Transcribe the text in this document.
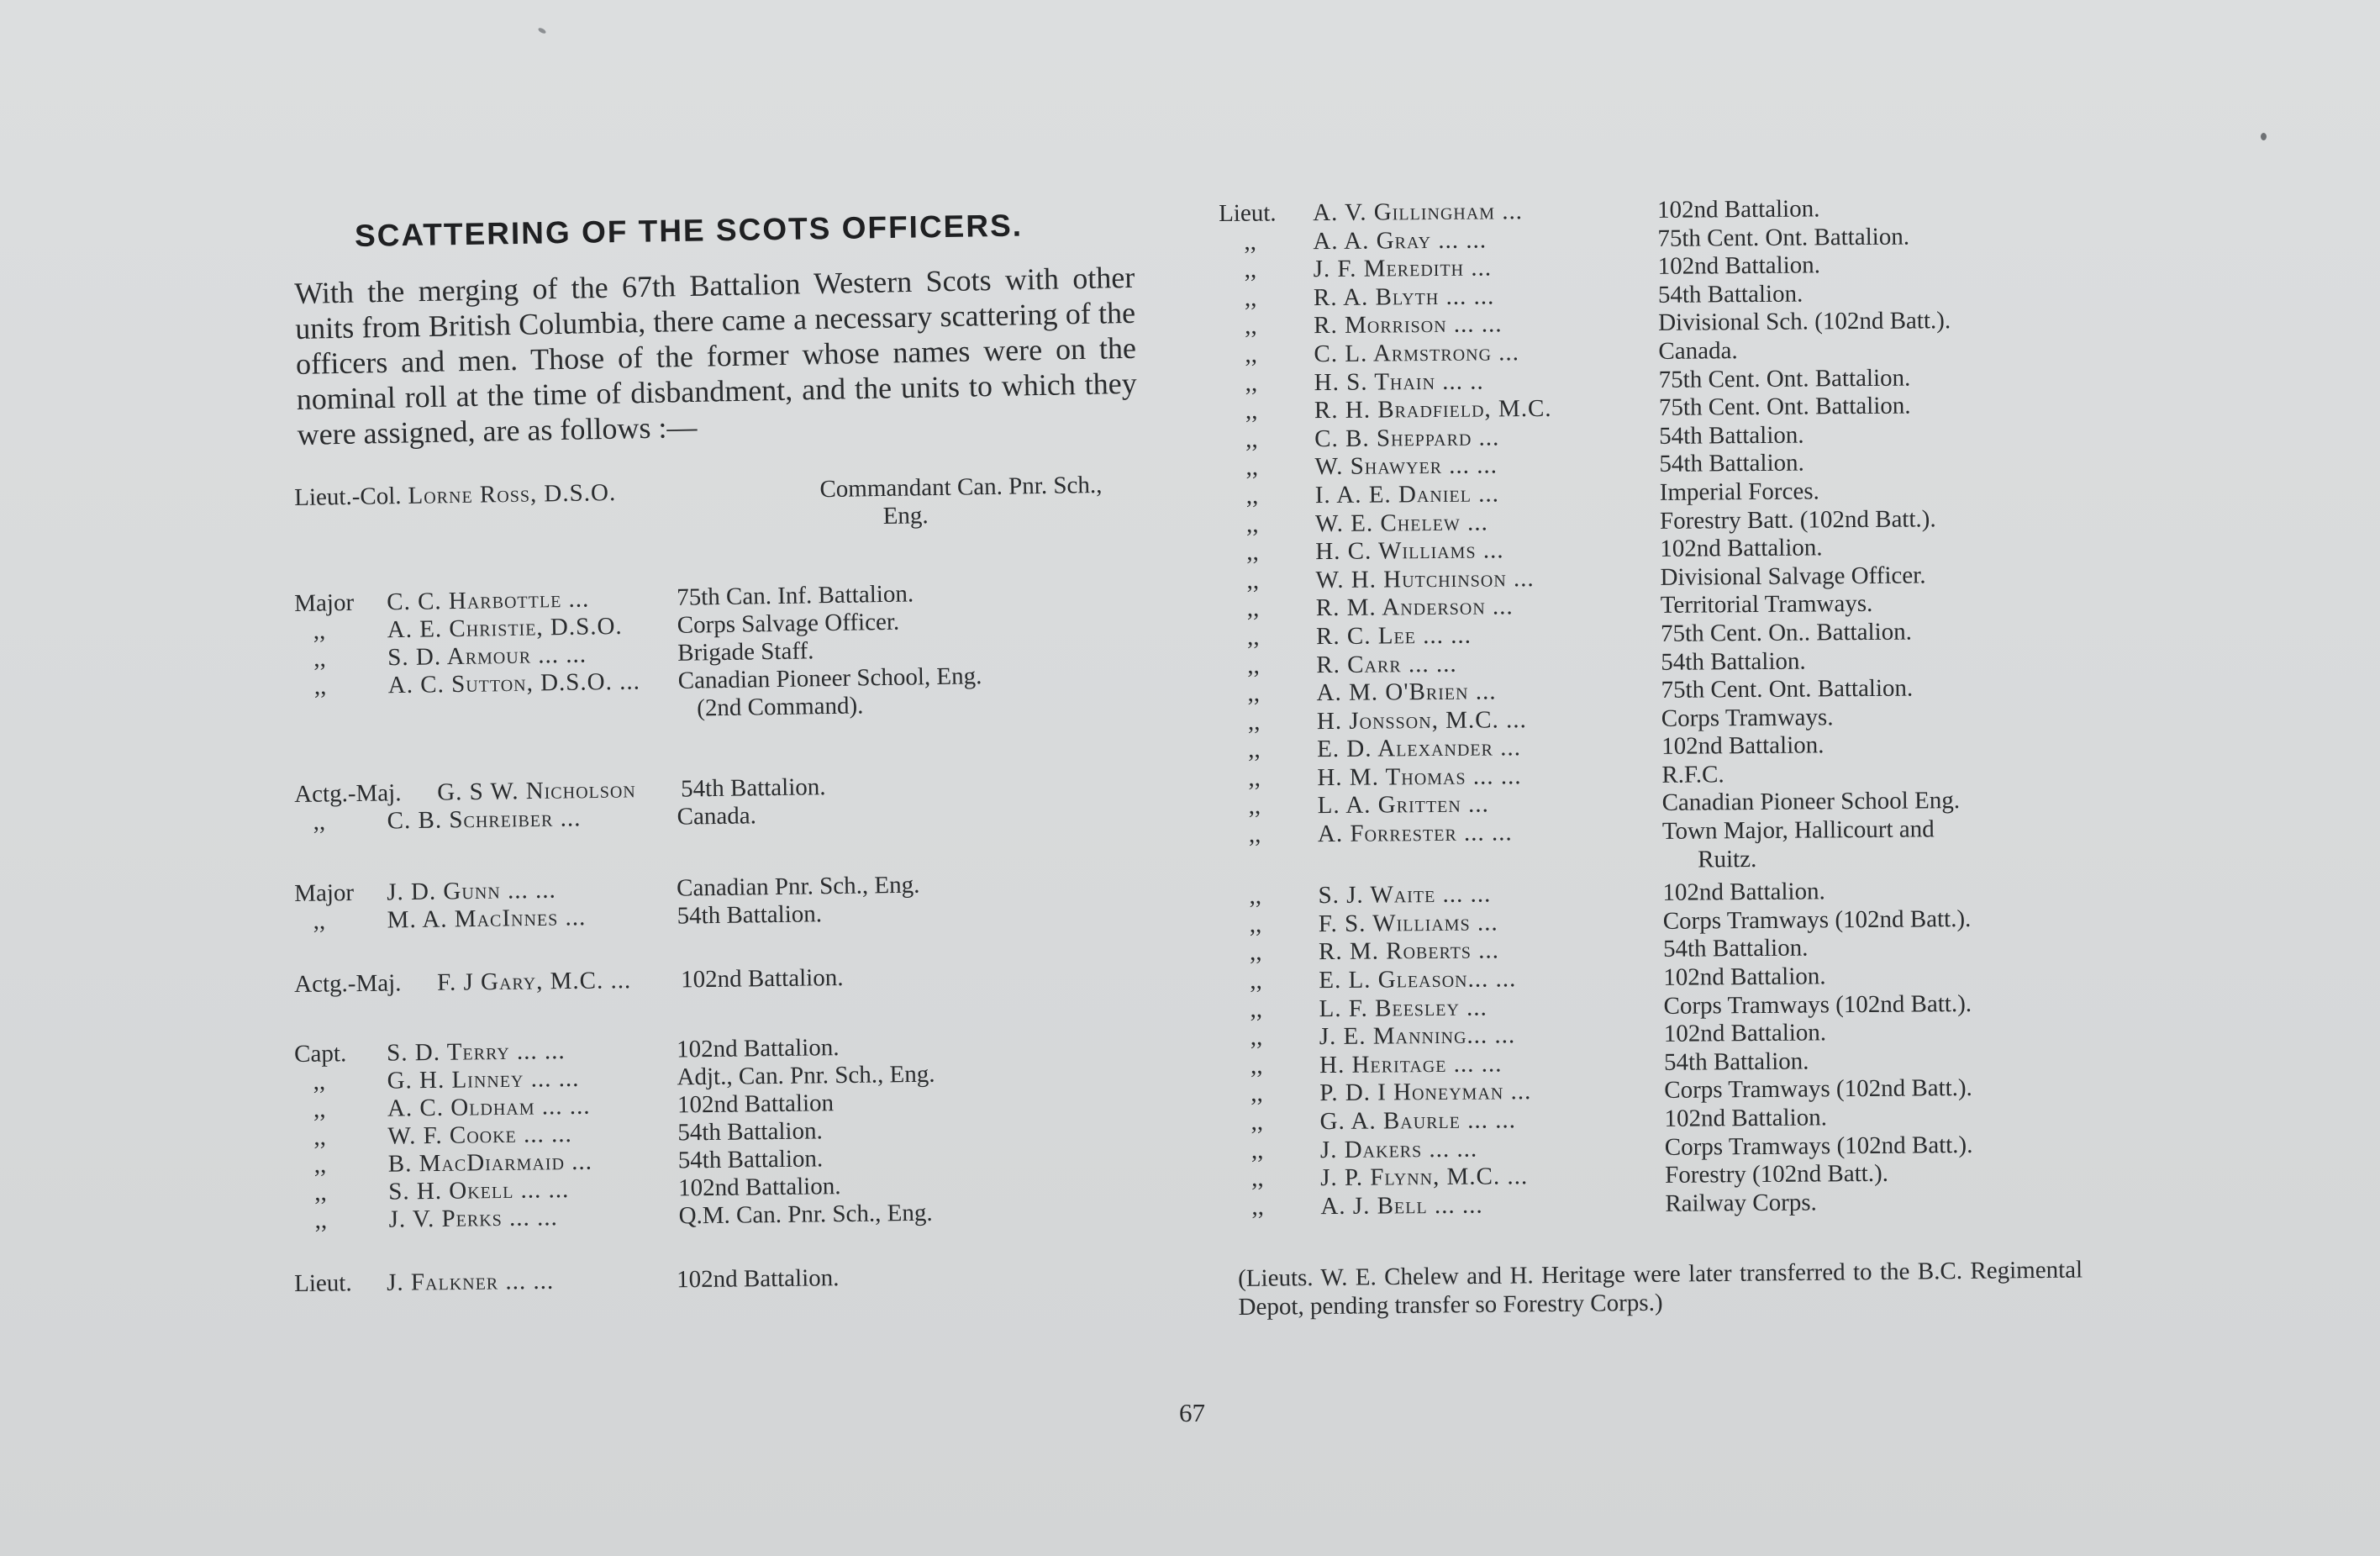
SCATTERING OF THE SCOTS OFFICERS.

With the merging of the 67th Battalion Western Scots with other units from British Columbia, there came a necessary scattering of the officers and men. Those of the former whose names were on the nominal roll at the time of disbandment, and the units to which they were assigned, are as follows :—

Lieut.-Col. Lorne Ross, D.S.O.	Commandant Can. Pnr. Sch.,
Eng.
Major	C. C. Harbottle ...	75th Can. Inf. Battalion.
,,	A. E. Christie, D.S.O.	Corps Salvage Officer.
,,	S. D. Armour ... ...	Brigade Staff.
,,	A. C. Sutton, D.S.O. ...	Canadian Pioneer School, Eng.
(2nd Command).
Actg.-Maj.	G. S W. Nicholson	54th Battalion.
,,	C. B. Schreiber ...	Canada.
Major	J. D. Gunn ... ...	Canadian Pnr. Sch., Eng.
,,	M. A. MacInnes ...	54th Battalion.
Actg.-Maj.	F. J Gary, M.C. ...	102nd Battalion.
Capt.	S. D. Terry ... ...	102nd Battalion.
,,	G. H. Linney ... ...	Adjt., Can. Pnr. Sch., Eng.
,,	A. C. Oldham ... ...	102nd Battalion
,,	W. F. Cooke ... ...	54th Battalion.
,,	B. MacDiarmaid ...	54th Battalion.
,,	S. H. Okell ... ...	102nd Battalion.
,,	J. V. Perks ... ...	Q.M. Can. Pnr. Sch., Eng.
Lieut.	J. Falkner ... ...	102nd Battalion.
Lieut.	A. V. Gillingham ...	102nd Battalion.
,,	A. A. Gray ... ...	75th Cent. Ont. Battalion.
,,	J. F. Meredith ...	102nd Battalion.
,,	R. A. Blyth ... ...	54th Battalion.
,,	R. Morrison ... ...	Divisional Sch. (102nd Batt.).
,,	C. L. Armstrong ...	Canada.
,,	H. S. Thain ... ..	75th Cent. Ont. Battalion.
,,	R. H. Bradfield, M.C.	75th Cent. Ont. Battalion.
,,	C. B. Sheppard ...	54th Battalion.
,,	W. Shawyer ... ...	54th Battalion.
,,	I. A. E. Daniel ...	Imperial Forces.
,,	W. E. Chelew ...	Forestry Batt. (102nd Batt.).
,,	H. C. Williams ...	102nd Battalion.
,,	W. H. Hutchinson ...	Divisional Salvage Officer.
,,	R. M. Anderson ...	Territorial Tramways.
,,	R. C. Lee ... ...	75th Cent. On.. Battalion.
,,	R. Carr ... ...	54th Battalion.
,,	A. M. O'Brien ...	75th Cent. Ont. Battalion.
,,	H. Jonsson, M.C. ...	Corps Tramways.
,,	E. D. Alexander ...	102nd Battalion.
,,	H. M. Thomas ... ...	R.F.C.
,,	L. A. Gritten ...	Canadian Pioneer School Eng.
,,	A. Forrester ... ...	Town Major, Hallicourt and
Ruitz.
,,	S. J. Waite ... ...	102nd Battalion.
,,	F. S. Williams ...	Corps Tramways (102nd Batt.).
,,	R. M. Roberts ...	54th Battalion.
,,	E. L. Gleason... ...	102nd Battalion.
,,	L. F. Beesley ...	Corps Tramways (102nd Batt.).
,,	J. E. Manning... ...	102nd Battalion.
,,	H. Heritage ... ...	54th Battalion.
,,	P. D. I Honeyman ...	Corps Tramways (102nd Batt.).
,,	G. A. Baurle ... ...	102nd Battalion.
,,	J. Dakers ... ...	Corps Tramways (102nd Batt.).
,,	J. P. Flynn, M.C. ...	Forestry (102nd Batt.).
,,	A. J. Bell ... ...	Railway Corps.

(Lieuts. W. E. Chelew and H. Heritage were later transferred to the B.C. Regimental Depot, pending transfer so Forestry Corps.)

67
